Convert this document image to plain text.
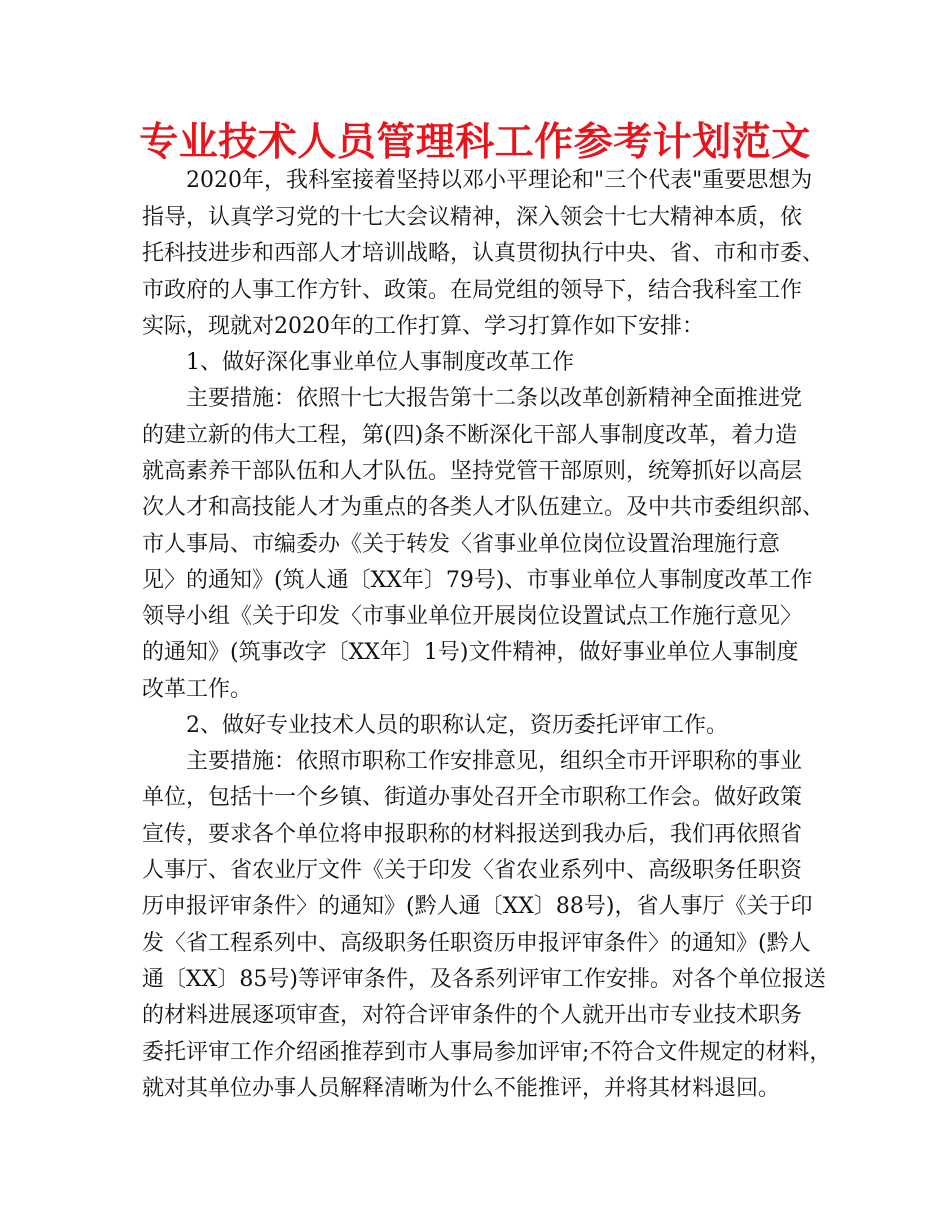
专业技术人员管理科工作参考计划范文

2020年，我科室接着坚持以邓小平理论和"三个代表"重要思想为

指导，认真学习党的十七大会议精神，深入领会十七大精神本质，依

托科技进步和西部人才培训战略，认真贯彻执行中央、省、市和市委、

市政府的人事工作方针、政策。在局党组的领导下，结合我科室工作

实际，现就对2020年的工作打算、学习打算作如下安排：

1、做好深化事业单位人事制度改革工作

主要措施：依照十七大报告第十二条以改革创新精神全面推进党

的建立新的伟大工程，第(四)条不断深化干部人事制度改革，着力造

就高素养干部队伍和人才队伍。坚持党管干部原则，统筹抓好以高层

次人才和高技能人才为重点的各类人才队伍建立。及中共市委组织部、

市人事局、市编委办《关于转发〈省事业单位岗位设置治理施行意

见〉的通知》(筑人通〔XX年〕79号)、市事业单位人事制度改革工作

领导小组《关于印发〈市事业单位开展岗位设置试点工作施行意见〉

的通知》(筑事改字〔XX年〕1号)文件精神，做好事业单位人事制度

改革工作。

2、做好专业技术人员的职称认定，资历委托评审工作。

主要措施：依照市职称工作安排意见，组织全市开评职称的事业

单位，包括十一个乡镇、街道办事处召开全市职称工作会。做好政策

宣传，要求各个单位将申报职称的材料报送到我办后，我们再依照省

人事厅、省农业厅文件《关于印发〈省农业系列中、高级职务任职资

历申报评审条件〉的通知》(黔人通〔XX〕88号)，省人事厅《关于印

发〈省工程系列中、高级职务任职资历申报评审条件〉的通知》(黔人

通〔XX〕85号)等评审条件，及各系列评审工作安排。对各个单位报送

的材料进展逐项审查，对符合评审条件的个人就开出市专业技术职务

委托评审工作介绍函推荐到市人事局参加评审;不符合文件规定的材料，

就对其单位办事人员解释清晰为什么不能推评，并将其材料退回。
